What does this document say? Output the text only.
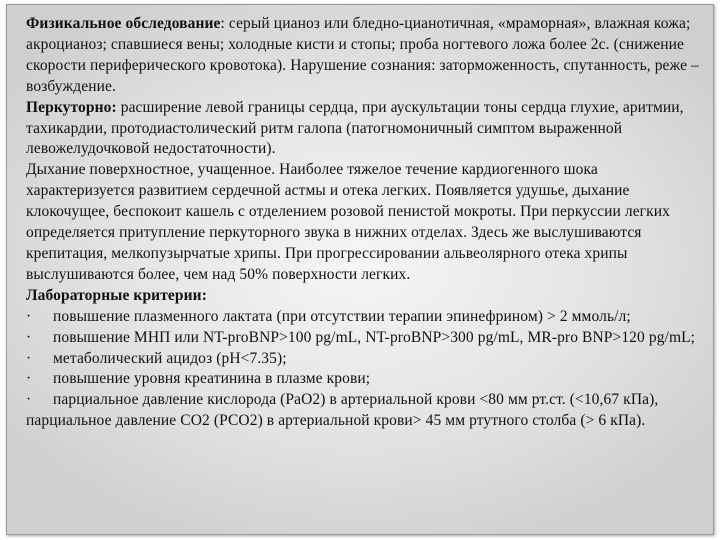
Физикальное обследование: серый цианоз или бледно-цианотичная, «мраморная», влажная кожа; акроцианоз; спавшиеся вены; холодные кисти и стопы; проба ногтевого ложа более 2с. (снижение скорости периферического кровотока). Нарушение сознания: заторможенность, спутанность, реже – возбуждение.

Перкуторно: расширение левой границы сердца, при аускультации тоны сердца глухие, аритмии, тахикардии, протодиастолический ритм галопа (патогномоничный симптом выраженной левожелудочковой недостаточности).

Дыхание поверхностное, учащенное. Наиболее тяжелое течение кардиогенного шока характеризуется развитием сердечной астмы и отека легких. Появляется удушье, дыхание клокочущее, беспокоит кашель с отделением розовой пенистой мокроты. При перкуссии легких определяется притупление перкуторного звука в нижних отделах. Здесь же выслушиваются крепитация, мелкопузырчатые хрипы. При прогрессировании альвеолярного отека хрипы выслушиваются более, чем над 50% поверхности легких.

Лабораторные критерии:

· повышение плазменного лактата (при отсутствии терапии эпинефрином) > 2 ммоль/л;

· повышение МНП или NT-proBNP>100 pg/mL, NT-proBNP>300 pg/mL, MR-pro BNP>120 pg/mL;

· метаболический ацидоз (рН<7.35);

· повышение уровня креатинина в плазме крови;

· парциальное давление кислорода (PaO2) в артериальной крови <80 мм рт.ст. (<10,67 кПа), парциальное давление СО2 (РСО2) в артериальной крови> 45 мм ртутного столба (> 6 кПа).
